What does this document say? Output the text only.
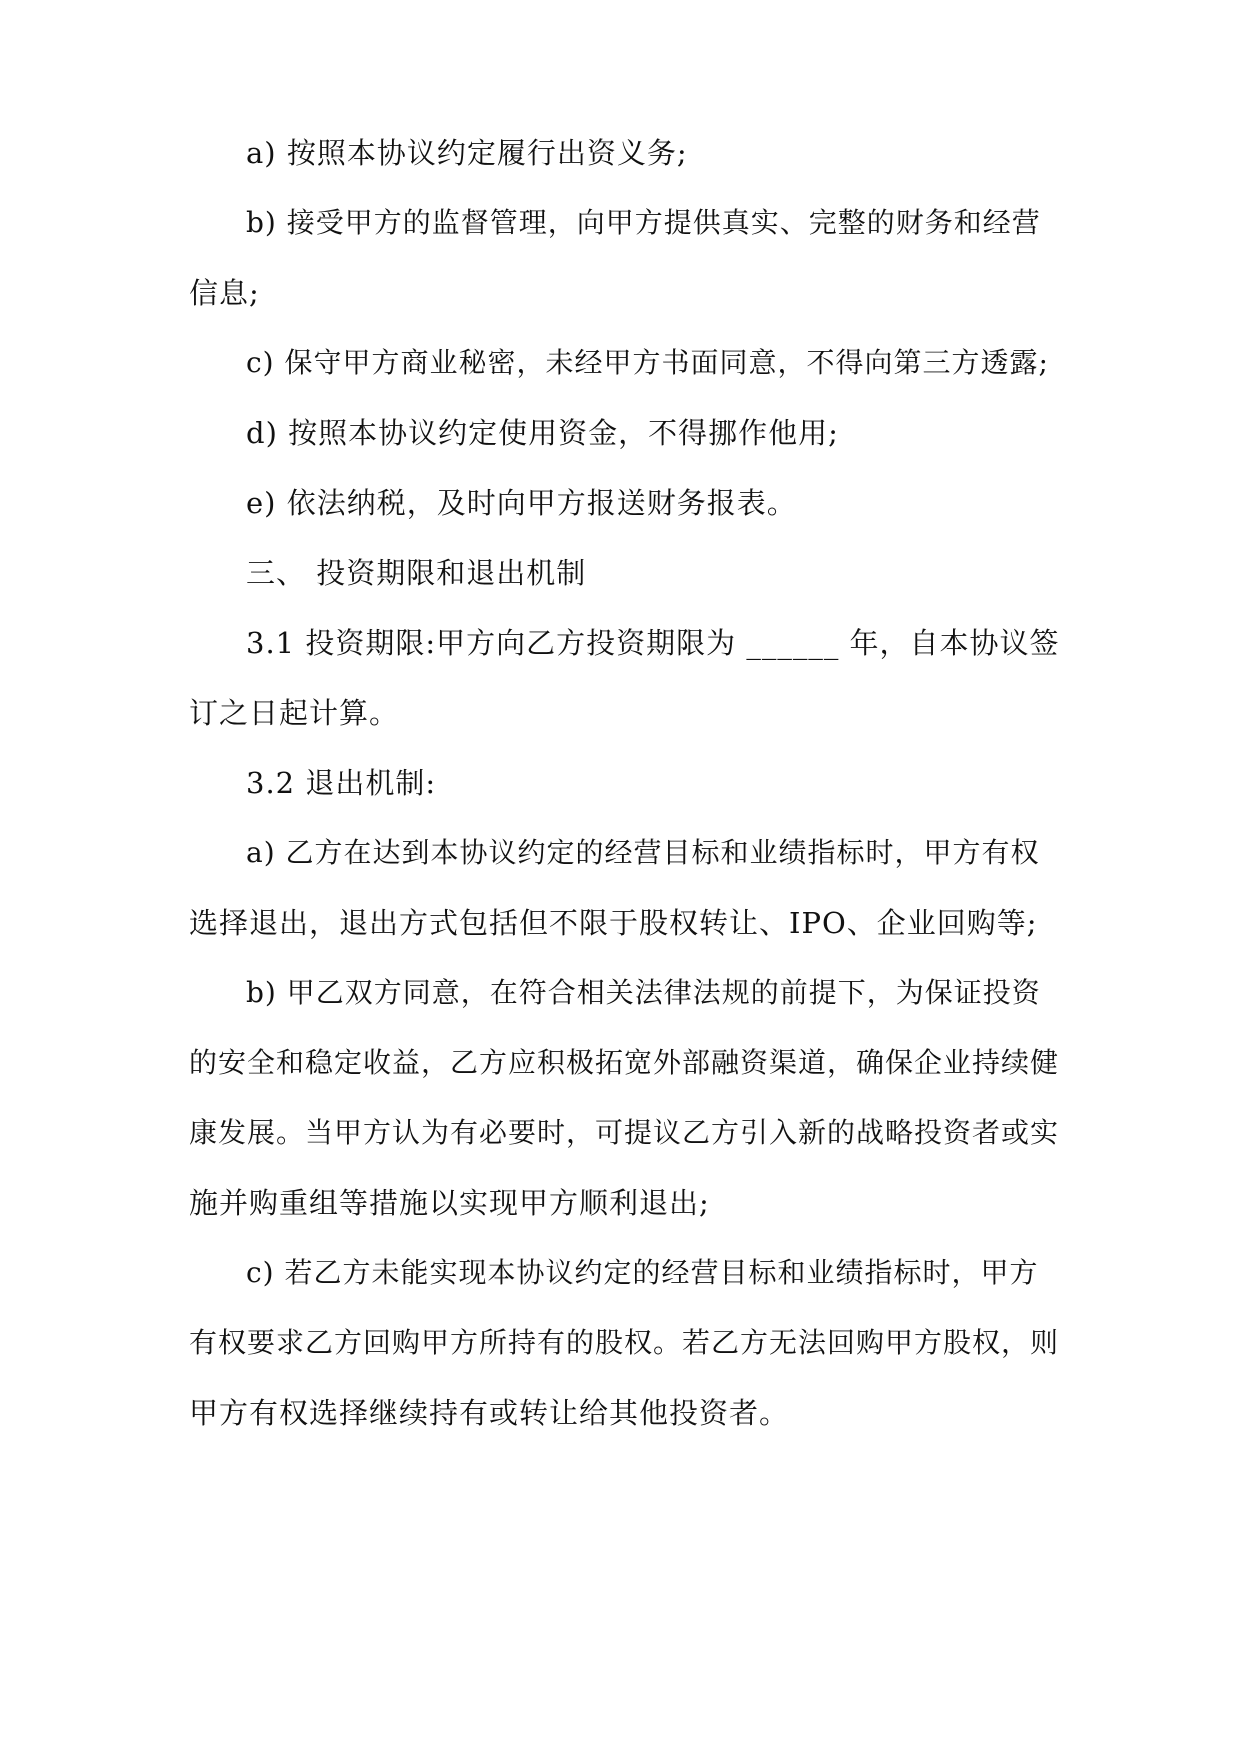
a) 按照本协议约定履行出资义务;
b) 接受甲方的监督管理，向甲方提供真实、完整的财务和经营
信息;
c) 保守甲方商业秘密，未经甲方书面同意，不得向第三方透露;
d) 按照本协议约定使用资金，不得挪作他用;
e) 依法纳税，及时向甲方报送财务报表。
三、 投资期限和退出机制
3.1 投资期限:甲方向乙方投资期限为 ______ 年，自本协议签
订之日起计算。
3.2 退出机制:
a) 乙方在达到本协议约定的经营目标和业绩指标时，甲方有权
选择退出，退出方式包括但不限于股权转让、IPO、企业回购等;
b) 甲乙双方同意，在符合相关法律法规的前提下，为保证投资
的安全和稳定收益，乙方应积极拓宽外部融资渠道，确保企业持续健
康发展。当甲方认为有必要时，可提议乙方引入新的战略投资者或实
施并购重组等措施以实现甲方顺利退出;
c) 若乙方未能实现本协议约定的经营目标和业绩指标时，甲方
有权要求乙方回购甲方所持有的股权。若乙方无法回购甲方股权，则
甲方有权选择继续持有或转让给其他投资者。
